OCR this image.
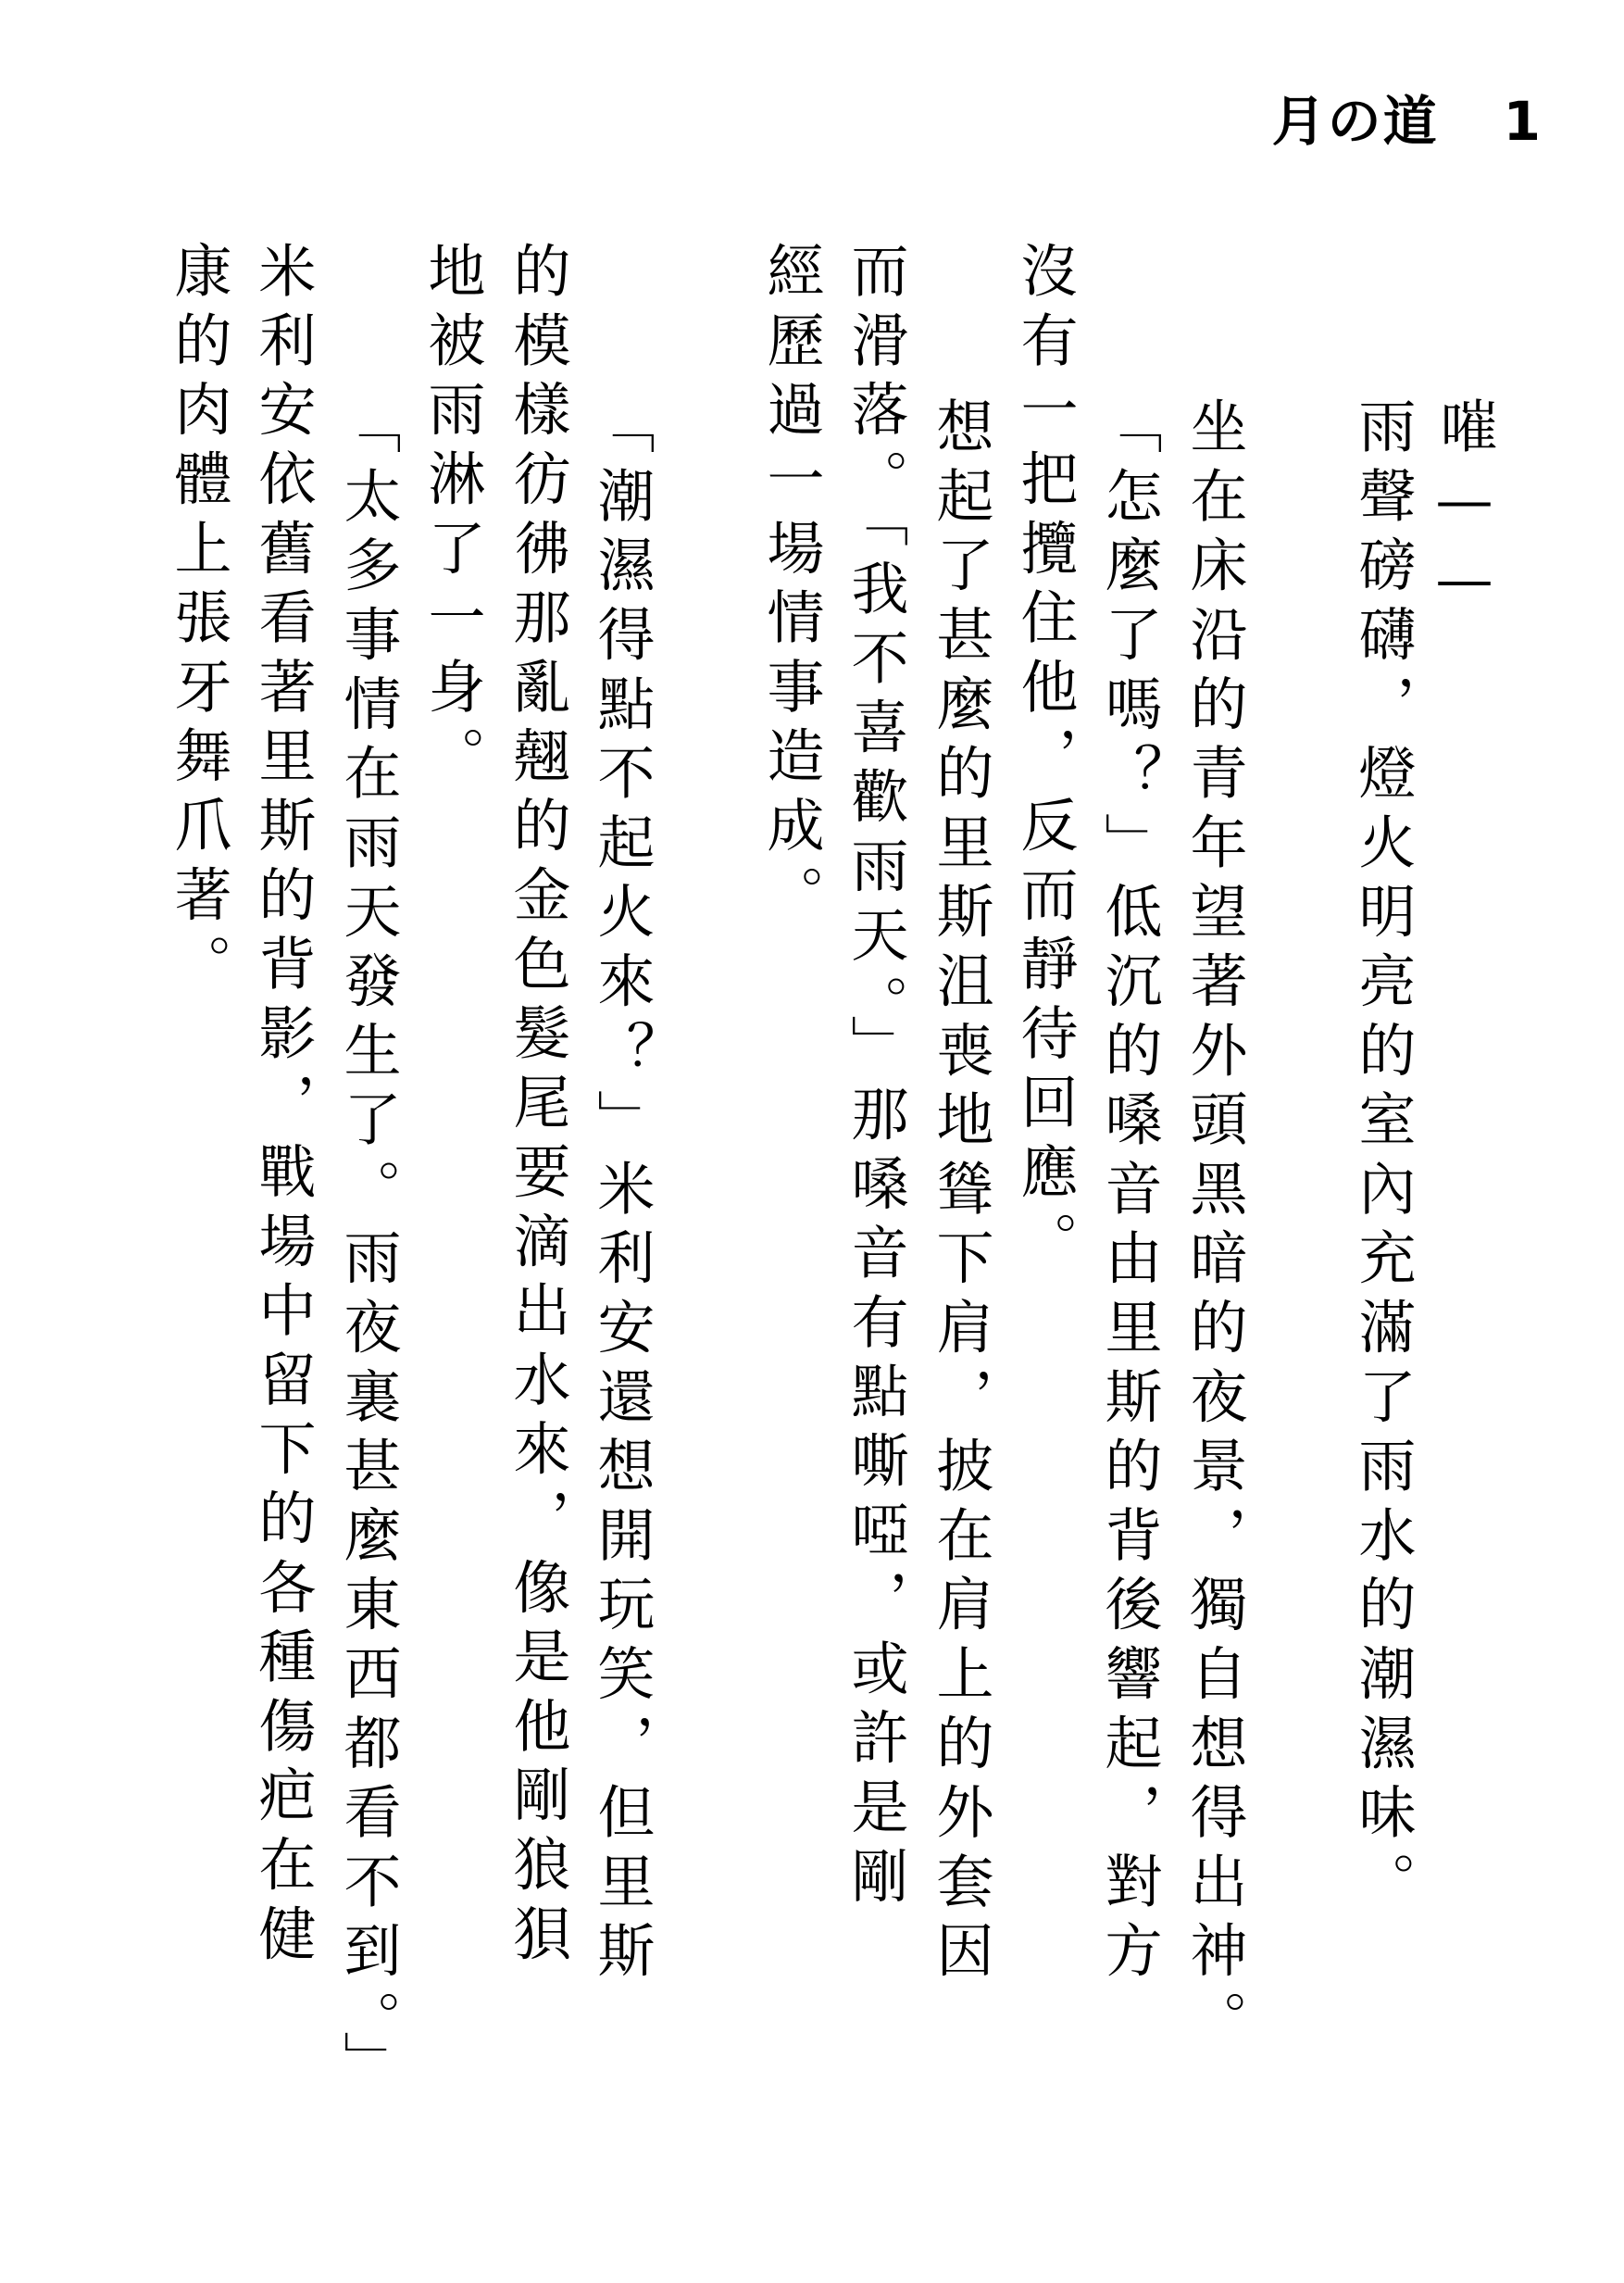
月の道 1
嗺——
雨聲磅礴，燈火明亮的室內充滿了雨水的潮濕味。
坐在床沿的青年望著外頭黑暗的夜景，獨自想得出神。
「怎麼了嗎？」低沉的嗓音由里斯的背後響起，對方
沒有一把攬住他，反而靜待回應。
想起了甚麼的里斯沮喪地聳下肩，披在肩上的外套因
而滑落。「我不喜歡雨天。」那嗓音有點嘶啞，或許是剛
經歷過一場情事造成。
「潮濕得點不起火來？」米利安還想開玩笑，但里斯
的模樣彷彿那亂翹的金色髮尾要滴出水來，像是他剛狼狽
地被雨淋了一身。
「太多事情在雨天發生了。雨夜裏甚麼東西都看不到。」
米利安依舊看著里斯的背影，戰場中留下的各種傷疤在健
康的肉體上張牙舞爪著。
